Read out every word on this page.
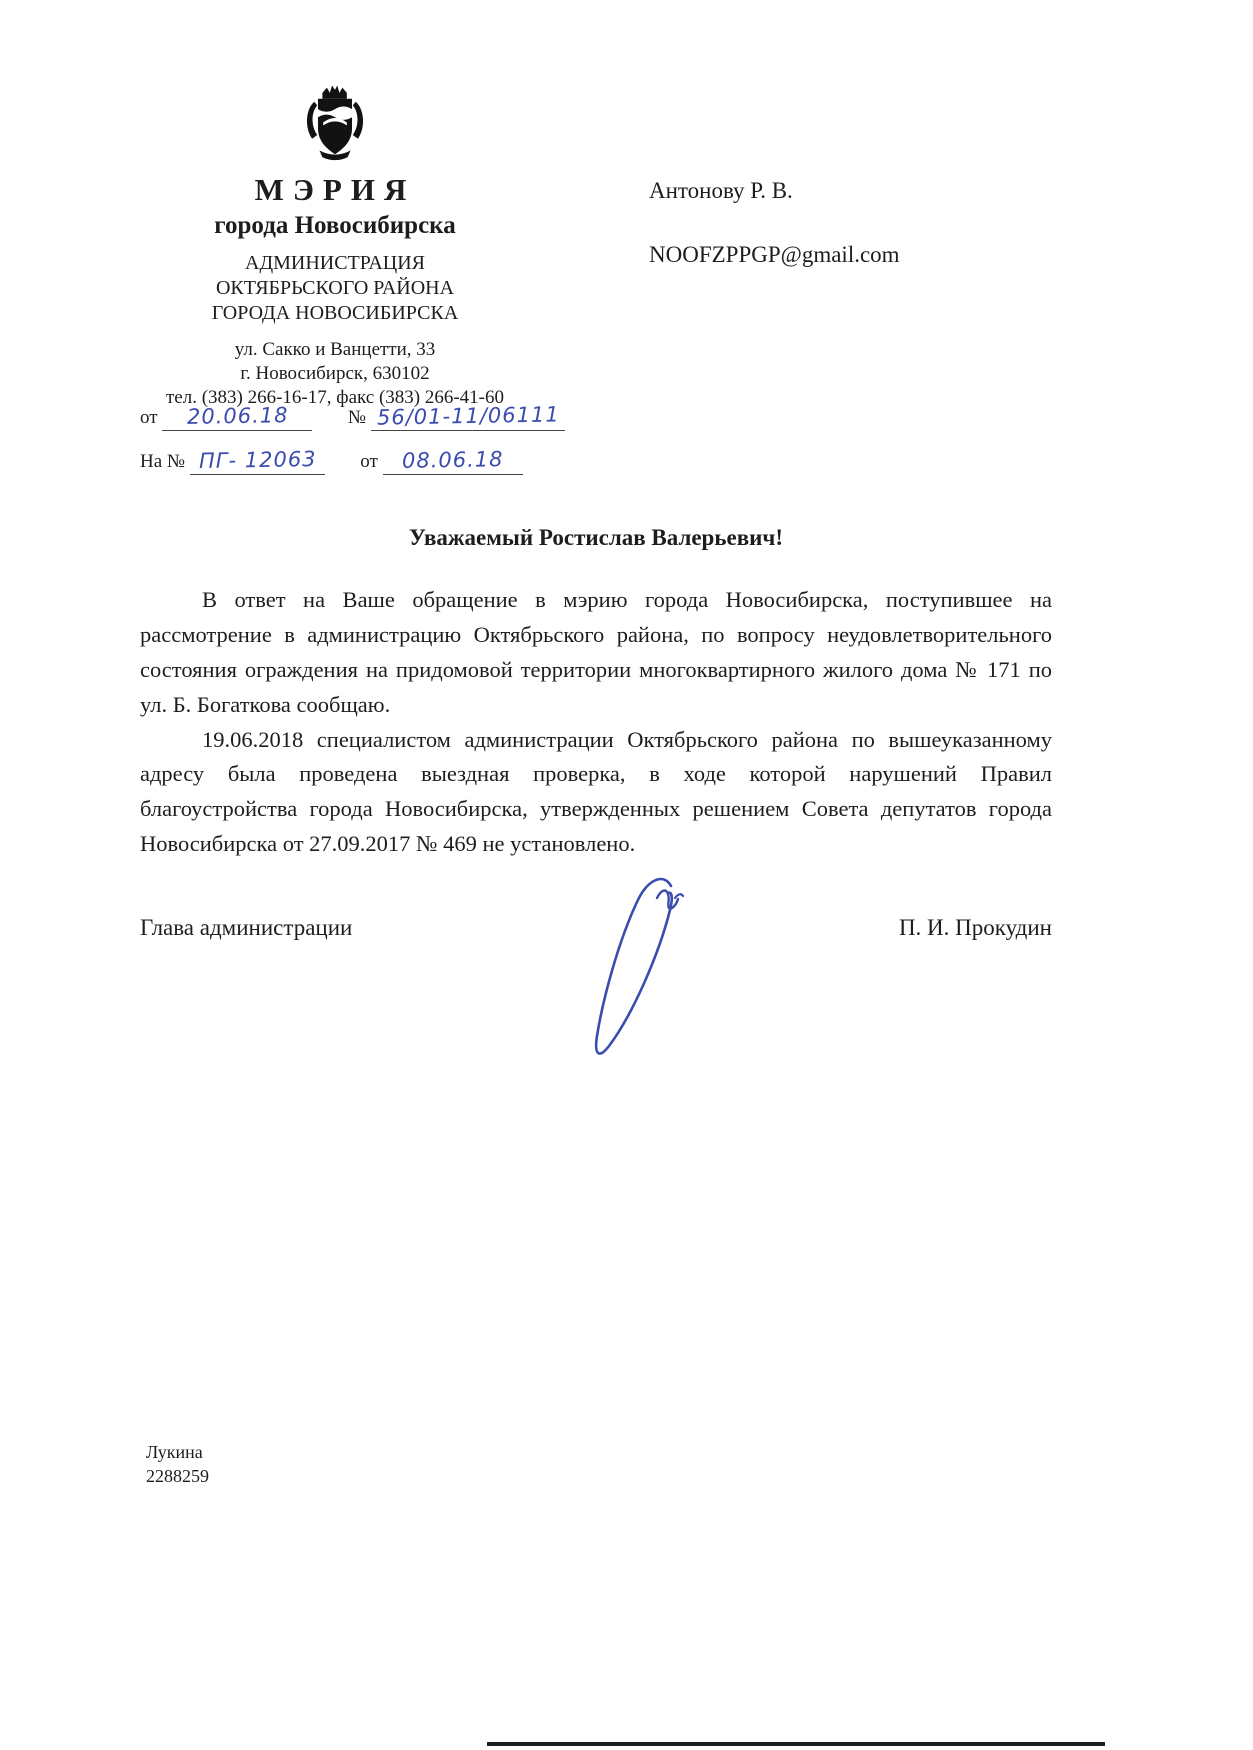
МЭРИЯ
города Новосибирска
АДМИНИСТРАЦИЯ
ОКТЯБРЬСКОГО РАЙОНА
ГОРОДА НОВОСИБИРСКА
ул. Сакко и Ванцетти, 33
г. Новосибирск, 630102
тел. (383) 266-16-17, факс (383) 266-41-60
Антонову Р. В.
NOOFZPPGP@gmail.com
от 20.06.18	№ 56/01-11/06111
На № ПГ- 12063 от 08.06.18
Уважаемый Ростислав Валерьевич!

В ответ на Ваше обращение в мэрию города Новосибирска, поступившее на рассмотрение в администрацию Октябрьского района, по вопросу неудовлетворительного состояния ограждения на придомовой территории многоквартирного жилого дома № 171 по ул. Б. Богаткова сообщаю.

19.06.2018 специалистом администрации Октябрьского района по вышеуказанному адресу была проведена выездная проверка, в ходе которой нарушений Правил благоустройства города Новосибирска, утвержденных решением Совета депутатов города Новосибирска от 27.09.2017 № 469 не установлено.

Глава администрации	П. И. Прокудин
Лукина
2288259
